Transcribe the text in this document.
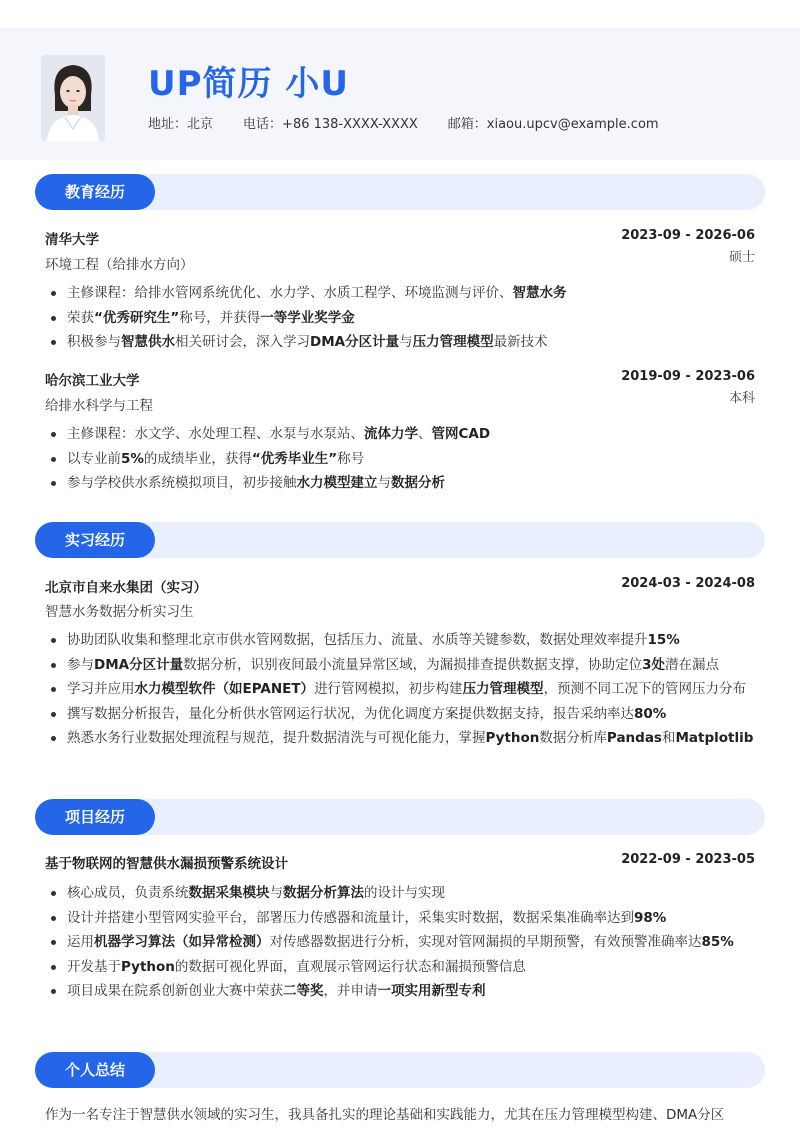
UP简历 小U
地址：北京 电话：+86 138-XXXX-XXXX 邮箱：xiaou.upcv@example.com
教育经历
清华大学	2023-09 - 2026-06
环境工程（给排水方向）	硕士
主修课程：给排水管网系统优化、水力学、水质工程学、环境监测与评价、智慧水务
荣获“优秀研究生”称号，并获得一等学业奖学金
积极参与智慧供水相关研讨会，深入学习DMA分区计量与压力管理模型最新技术
哈尔滨工业大学	2019-09 - 2023-06
给排水科学与工程	本科
主修课程：水文学、水处理工程、水泵与水泵站、流体力学、管网CAD
以专业前5%的成绩毕业，获得“优秀毕业生”称号
参与学校供水系统模拟项目，初步接触水力模型建立与数据分析
实习经历
北京市自来水集团（实习）	2024-03 - 2024-08
智慧水务数据分析实习生
协助团队收集和整理北京市供水管网数据，包括压力、流量、水质等关键参数，数据处理效率提升15%
参与DMA分区计量数据分析，识别夜间最小流量异常区域，为漏损排查提供数据支撑，协助定位3处潜在漏点
学习并应用水力模型软件（如EPANET）进行管网模拟，初步构建压力管理模型，预测不同工况下的管网压力分布
撰写数据分析报告，量化分析供水管网运行状况，为优化调度方案提供数据支持，报告采纳率达80%
熟悉水务行业数据处理流程与规范，提升数据清洗与可视化能力，掌握Python数据分析库Pandas和Matplotlib
项目经历
基于物联网的智慧供水漏损预警系统设计	2022-09 - 2023-05
核心成员，负责系统数据采集模块与数据分析算法的设计与实现
设计并搭建小型管网实验平台，部署压力传感器和流量计，采集实时数据，数据采集准确率达到98%
运用机器学习算法（如异常检测）对传感器数据进行分析，实现对管网漏损的早期预警，有效预警准确率达85%
开发基于Python的数据可视化界面，直观展示管网运行状态和漏损预警信息
项目成果在院系创新创业大赛中荣获二等奖，并申请一项实用新型专利
个人总结
作为一名专注于智慧供水领域的实习生，我具备扎实的理论基础和实践能力，尤其在压力管理模型构建、DMA分区
